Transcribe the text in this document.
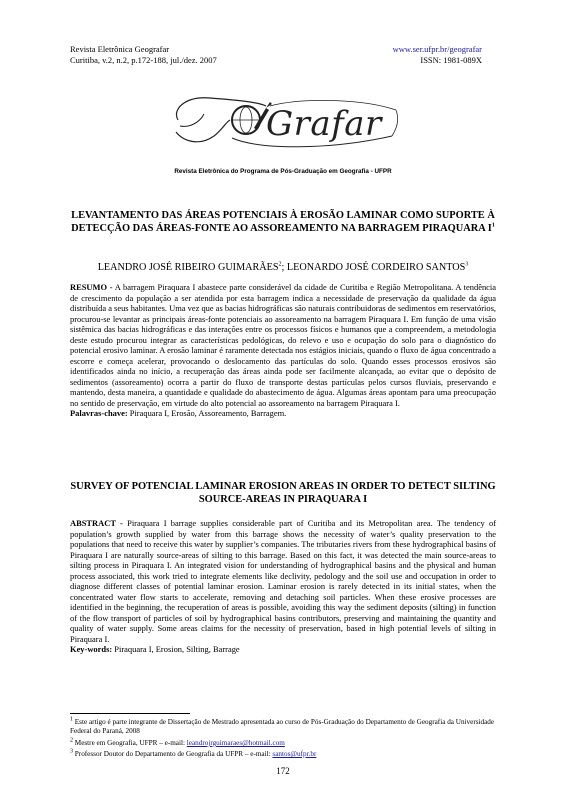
Revista Eletrônica Geografar
Curitiba, v.2, n.2, p.172-188, jul./dez. 2007
www.ser.ufpr.br/geografar
ISSN: 1981-089X
Grafar
Revista Eletrônica do Programa de Pós-Graduação em Geografia - UFPR
LEVANTAMENTO DAS ÁREAS POTENCIAIS À EROSÃO LAMINAR COMO SUPORTE À DETECÇÃO DAS ÁREAS-FONTE AO ASSOREAMENTO NA BARRAGEM PIRAQUARA $I^1$
LEANDRO JOSÉ RIBEIRO GUIMARÃES$^2$; LEONARDO JOSÉ CORDEIRO SANTOS$^3$
RESUMO - A barragem Piraquara I abastece parte considerável da cidade de Curitiba e Região Metropolitana. A tendência de crescimento da população a ser atendida por esta barragem indica a necessidade de preservação da qualidade da água distribuída a seus habitantes. Uma vez que as bacias hidrográficas são naturais contribuidoras de sedimentos em reservatórios, procurou-se levantar as principais áreas-fonte potenciais ao assoreamento na barragem Piraquara I. Em função de uma visão sistêmica das bacias hidrográficas e das interações entre os processos físicos e humanos que a compreendem, a metodologia deste estudo procurou integrar as características pedológicas, do relevo e uso e ocupação do solo para o diagnóstico do potencial erosivo laminar. A erosão laminar é raramente detectada nos estágios iniciais, quando o fluxo de água concentrado a escorre e começa acelerar, provocando o deslocamento das partículas do solo. Quando esses processos erosivos são identificados ainda no início, a recuperação das áreas ainda pode ser facilmente alcançada, ao evitar que o depósito de sedimentos (assoreamento) ocorra a partir do fluxo de transporte destas partículas pelos cursos fluviais, preservando e mantendo, desta maneira, a quantidade e qualidade do abastecimento de água. Algumas áreas apontam para uma preocupação no sentido de preservação, em virtude do alto potencial ao assoreamento na barragem Piraquara I.
Palavras-chave: Piraquara I, Erosão, Assoreamento, Barragem.
SURVEY OF POTENCIAL LAMINAR EROSION AREAS IN ORDER TO DETECT SILTING SOURCE-AREAS IN PIRAQUARA I
ABSTRACT - Piraquara I barrage supplies considerable part of Curitiba and its Metropolitan area. The tendency of population’s growth supplied by water from this barrage shows the necessity of water’s quality preservation to the populations that need to receive this water by supplier’s companies. The tributaries rivers from these hydrographical basins of Piraquara I are naturally source-areas of silting to this barrage. Based on this fact, it was detected the main source-areas to silting process in Piraquara I. An integrated vision for understanding of hydrographical basins and the physical and human process associated, this work tried to integrate elements like declivity, pedology and the soil use and occupation in order to diagnose different classes of potential laminar erosion. Laminar erosion is rarely detected in its initial states, when the concentrated water flow starts to accelerate, removing and detaching soil particles. When these erosive processes are identified in the beginning, the recuperation of areas is possible, avoiding this way the sediment deposits (silting) in function of the flow transport of particles of soil by hydrographical basins contributors, preserving and maintaining the quantity and quality of water supply. Some areas claims for the necessity of preservation, based in high potential levels of silting in Piraquara I.
Key-words: Piraquara I, Erosion, Silting, Barrage
$^1$ Este artigo é parte integrante de Dissertação de Mestrado apresentada ao curso de Pós-Graduação do Departamento de Geografia da Universidade Federal do Paraná, 2008
$^2$ Mestre em Geografia, UFPR – e-mail: leandrojrguimaraes@hotmail.com
$^3$ Professor Doutor do Departamento de Geografia da UFPR – e-mail: santos@ufpr.br
172
